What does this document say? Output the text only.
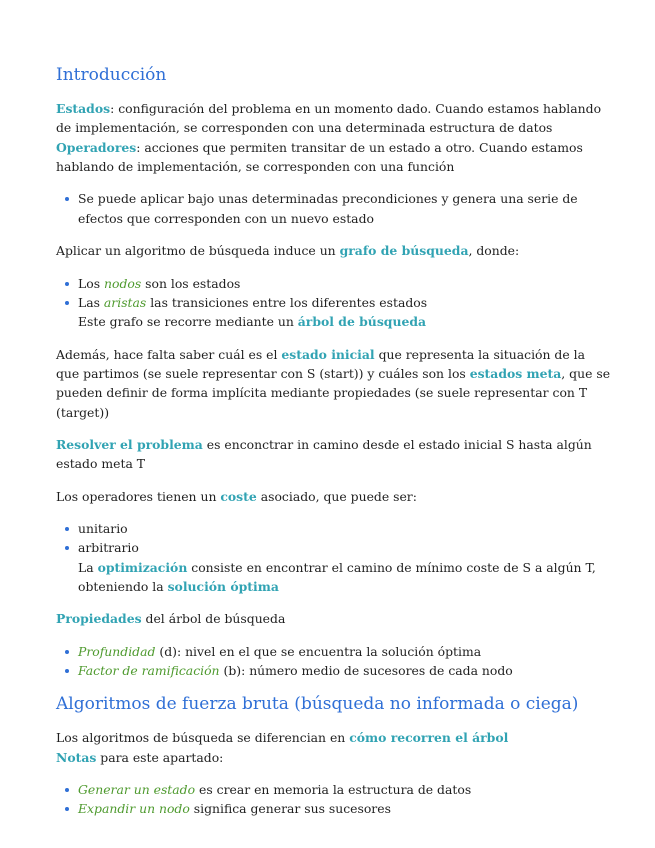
Introducción

Estados: configuración del problema en un momento dado. Cuando estamos hablando de implementación, se corresponden con una determinada estructura de datos
Operadores: acciones que permiten transitar de un estado a otro. Cuando estamos hablando de implementación, se corresponden con una función

Se puede aplicar bajo unas determinadas precondiciones y genera una serie de efectos que corresponden con un nuevo estado

Aplicar un algoritmo de búsqueda induce un grafo de búsqueda, donde:

Los nodos son los estados
Las aristas las transiciones entre los diferentes estados

Este grafo se recorre mediante un árbol de búsqueda

Además, hace falta saber cuál es el estado inicial que representa la situación de la que partimos (se suele representar con S (start)) y cuáles son los estados meta, que se pueden definir de forma implícita mediante propiedades (se suele representar con T (target))

Resolver el problema es enconctrar in camino desde el estado inicial S hasta algún estado meta T

Los operadores tienen un coste asociado, que puede ser:

unitario
arbitrario

La optimización consiste en encontrar el camino de mínimo coste de S a algún T, obteniendo la solución óptima

Propiedades del árbol de búsqueda

Profundidad (d): nivel en el que se encuentra la solución óptima
Factor de ramificación (b): número medio de sucesores de cada nodo
Algoritmos de fuerza bruta (búsqueda no informada o ciega)

Los algoritmos de búsqueda se diferencian en cómo recorren el árbol
Notas para este apartado:

Generar un estado es crear en memoria la estructura de datos
Expandir un nodo significa generar sus sucesores
